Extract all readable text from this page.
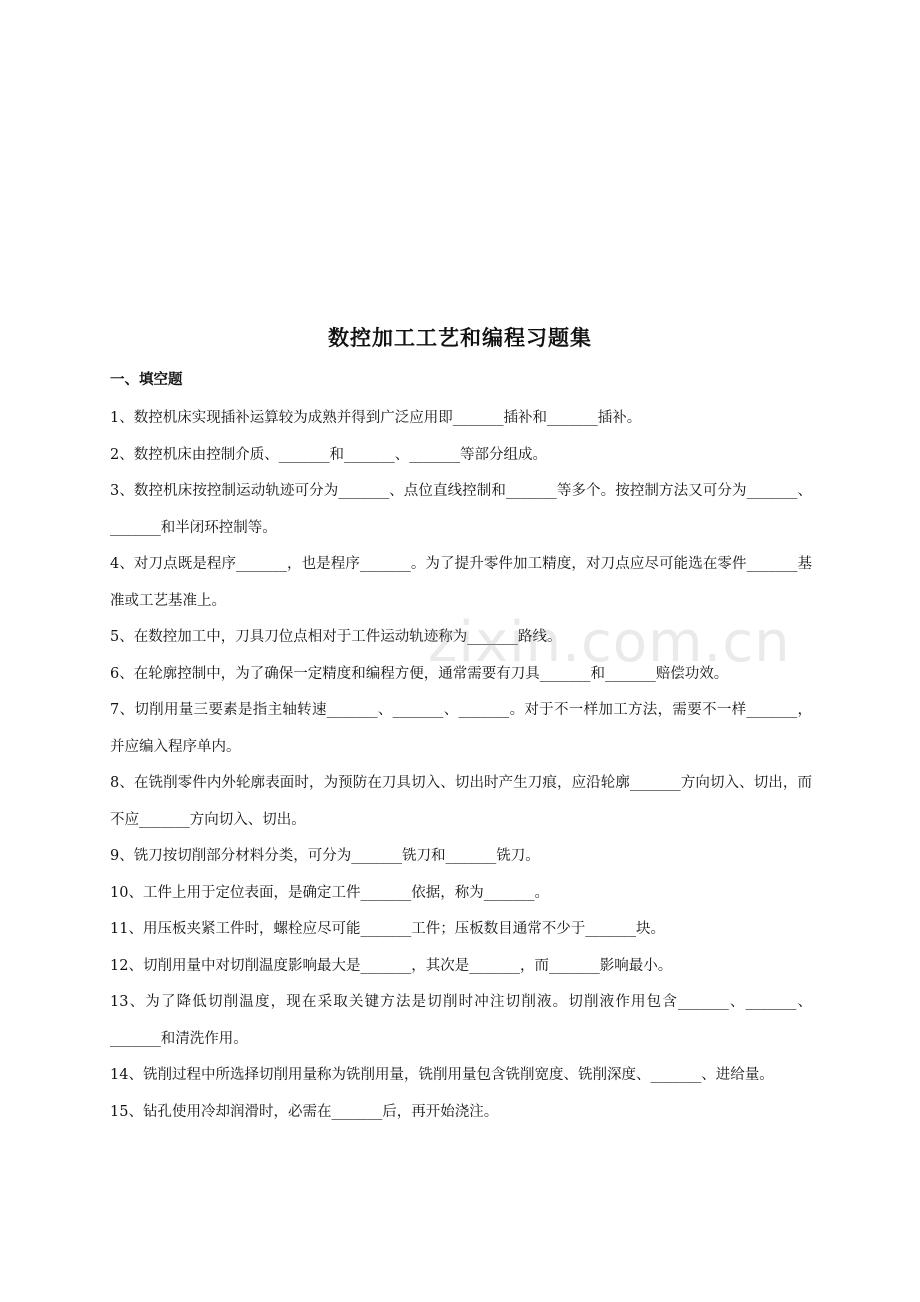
数控加工工艺和编程习题集
一、填空题

1、数控机床实现插补运算较为成熟并得到广泛应用即_______插补和_______插补。

2、数控机床由控制介质、_______和_______、_______等部分组成。

3、数控机床按控制运动轨迹可分为_______、点位直线控制和_______等多个。按控制方法又可分为_______、_______和半闭环控制等。

4、对刀点既是程序_______，也是程序_______。为了提升零件加工精度，对刀点应尽可能选在零件_______基准或工艺基准上。

5、在数控加工中，刀具刀位点相对于工件运动轨迹称为_______路线。

6、在轮廓控制中，为了确保一定精度和编程方便，通常需要有刀具_______和_______赔偿功效。

7、切削用量三要素是指主轴转速_______、_______、_______。对于不一样加工方法，需要不一样_______，并应编入程序单内。

8、在铣削零件内外轮廓表面时，为预防在刀具切入、切出时产生刀痕，应沿轮廓_______方向切入、切出，而不应_______方向切入、切出。

9、铣刀按切削部分材料分类，可分为_______铣刀和_______铣刀。

10、工件上用于定位表面，是确定工件_______依据，称为_______。

11、用压板夹紧工件时，螺栓应尽可能_______工件；压板数目通常不少于_______块。

12、切削用量中对切削温度影响最大是_______，其次是_______，而_______影响最小。

13、为了降低切削温度，现在采取关键方法是切削时冲注切削液。切削液作用包含_______、_______、_______和清洗作用。

14、铣削过程中所选择切削用量称为铣削用量，铣削用量包含铣削宽度、铣削深度、_______、进给量。

15、钻孔使用冷却润滑时，必需在_______后，再开始浇注。

zixin.com.cn
